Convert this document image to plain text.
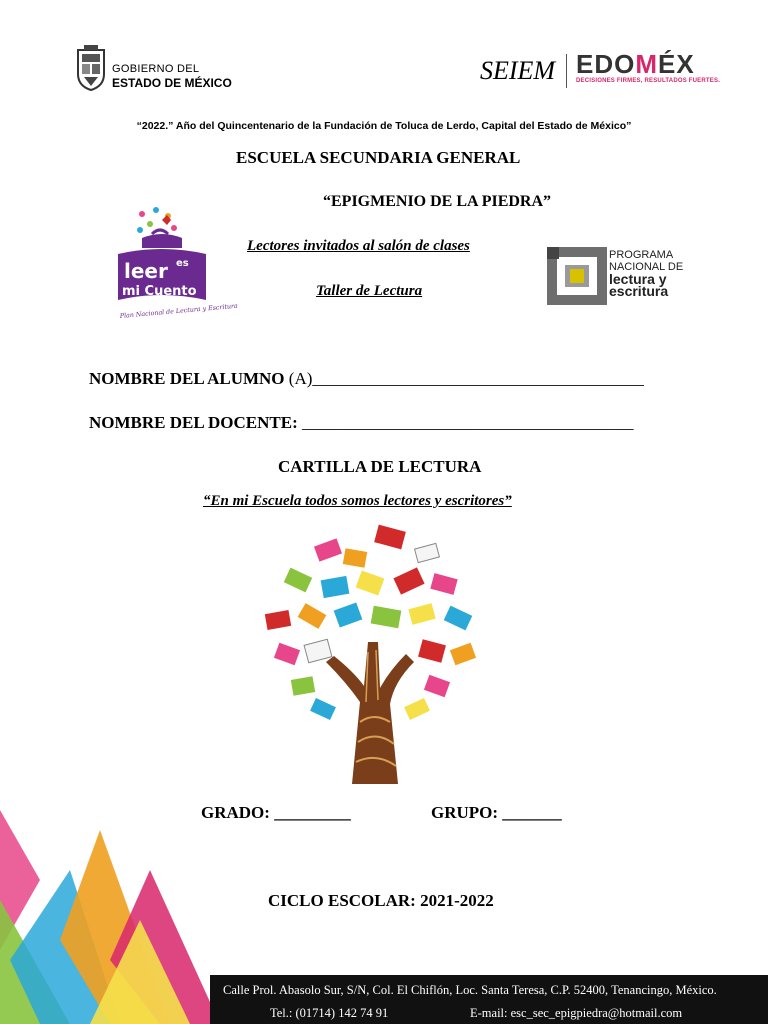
GOBIERNO DEL
ESTADO DE MÉXICO	SEIEM EDOMÉX
DECISIONES FIRMES, RESULTADOS FUERTES.
“2022.” Año del Quincentenario de la Fundación de Toluca de Lerdo, Capital del Estado de México”
ESCUELA SECUNDARIA GENERAL
“EPIGMENIO DE LA PIEDRA”
Lectores invitados al salón de clases
Taller de Lectura
leer es
mi Cuento
Plan Nacional de Lectura y Escritura
PROGRAMA
NACIONAL DE
lectura y
escritura
NOMBRE DEL ALUMNO (A)_______________________________________
NOMBRE DEL DOCENTE: _______________________________________
CARTILLA DE LECTURA
“En mi Escuela todos somos lectores y escritores”
GRADO: _________	GRUPO: _______
CICLO ESCOLAR: 2021-2022
Calle Prol. Abasolo Sur, S/N, Col. El Chiflón, Loc. Santa Teresa, C.P. 52400, Tenancingo, México.
Tel.: (01714) 142 74 91	E-mail: esc_sec_epigpiedra@hotmail.com
